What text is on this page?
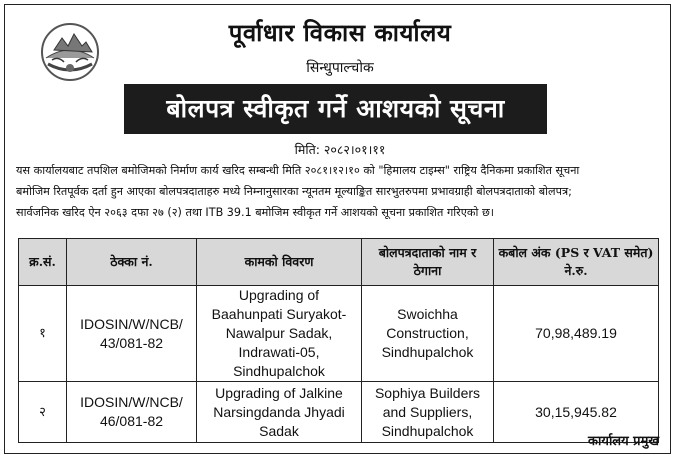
पूर्वाधार विकास कार्यालय
सिन्धुपाल्चोक
बोलपत्र स्वीकृत गर्ने आशयको सूचना
मिति: २०८२।०१।११
यस कार्यालयबाट तपशिल बमोजिमको निर्माण कार्य खरिद सम्बन्धी मिति २०८१।१२।१० को "हिमालय टाइम्स" राष्ट्रिय दैनिकमा प्रकाशित सूचना
बमोजिम रितपूर्वक दर्ता हुन आएका बोलपत्रदाताहरु मध्ये निम्नानुसारका न्यूनतम मूल्याङ्कित सारभुतरुपमा प्रभावग्राही बोलपत्रदाताको बोलपत्र;
सार्वजनिक खरिद ऐन २०६३ दफा २७ (२) तथा ITB 39.1 बमोजिम स्वीकृत गर्ने आशयको सूचना प्रकाशित गरिएको छ।
क्र.सं.	ठेक्का नं.	कामको विवरण	बोलपत्रदाताको नाम र ठेगाना	कबोल अंक (PS र VAT समेत) ने.रु.
१	IDOSIN/W/NCB/ 43/081-82	Upgrading of Baahunpati Suryakot-Nawalpur Sadak, Indrawati-05, Sindhupalchok	Swoichha Construction, Sindhupalchok	70,98,489.19
२	IDOSIN/W/NCB/ 46/081-82	Upgrading of Jalkine Narsingdanda Jhyadi Sadak	Sophiya Builders and Suppliers, Sindhupalchok	30,15,945.82
कार्यालय प्रमुख
